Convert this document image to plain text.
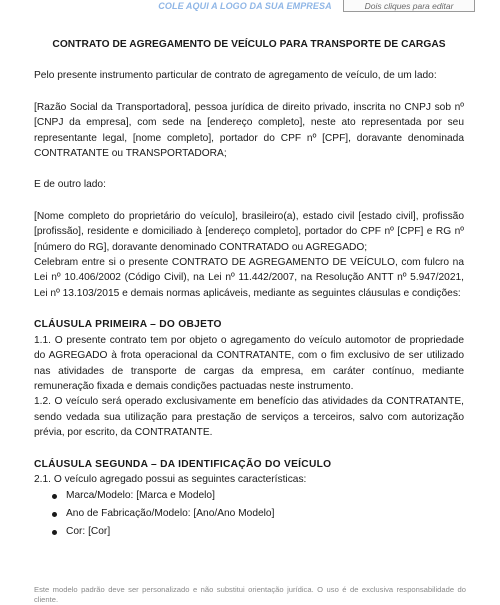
COLE AQUI A LOGO DA SUA EMPRESA	Dois cliques para editar
CONTRATO DE AGREGAMENTO DE VEÍCULO PARA TRANSPORTE DE CARGAS

Pelo presente instrumento particular de contrato de agregamento de veículo, de um lado:

[Razão Social da Transportadora], pessoa jurídica de direito privado, inscrita no CNPJ sob nº [CNPJ da empresa], com sede na [endereço completo], neste ato representada por seu representante legal, [nome completo], portador do CPF nº [CPF], doravante denominada CONTRATANTE ou TRANSPORTADORA;

E de outro lado:

[Nome completo do proprietário do veículo], brasileiro(a), estado civil [estado civil], profissão [profissão], residente e domiciliado à [endereço completo], portador do CPF nº [CPF] e RG nº [número do RG], doravante denominado CONTRATADO ou AGREGADO;

Celebram entre si o presente CONTRATO DE AGREGAMENTO DE VEÍCULO, com fulcro na Lei nº 10.406/2002 (Código Civil), na Lei nº 11.442/2007, na Resolução ANTT nº 5.947/2021, Lei nº 13.103/2015 e demais normas aplicáveis, mediante as seguintes cláusulas e condições:

CLÁUSULA PRIMEIRA – DO OBJETO

1.1. O presente contrato tem por objeto o agregamento do veículo automotor de propriedade do AGREGADO à frota operacional da CONTRATANTE, com o fim exclusivo de ser utilizado nas atividades de transporte de cargas da empresa, em caráter contínuo, mediante remuneração fixada e demais condições pactuadas neste instrumento.

1.2. O veículo será operado exclusivamente em benefício das atividades da CONTRATANTE, sendo vedada sua utilização para prestação de serviços a terceiros, salvo com autorização prévia, por escrito, da CONTRATANTE.

CLÁUSULA SEGUNDA – DA IDENTIFICAÇÃO DO VEÍCULO

2.1. O veículo agregado possui as seguintes características:

Marca/Modelo: [Marca e Modelo]
Ano de Fabricação/Modelo: [Ano/Ano Modelo]
Cor: [Cor]
Este modelo padrão deve ser personalizado e não substitui orientação jurídica. O uso é de exclusiva responsabilidade do cliente.
